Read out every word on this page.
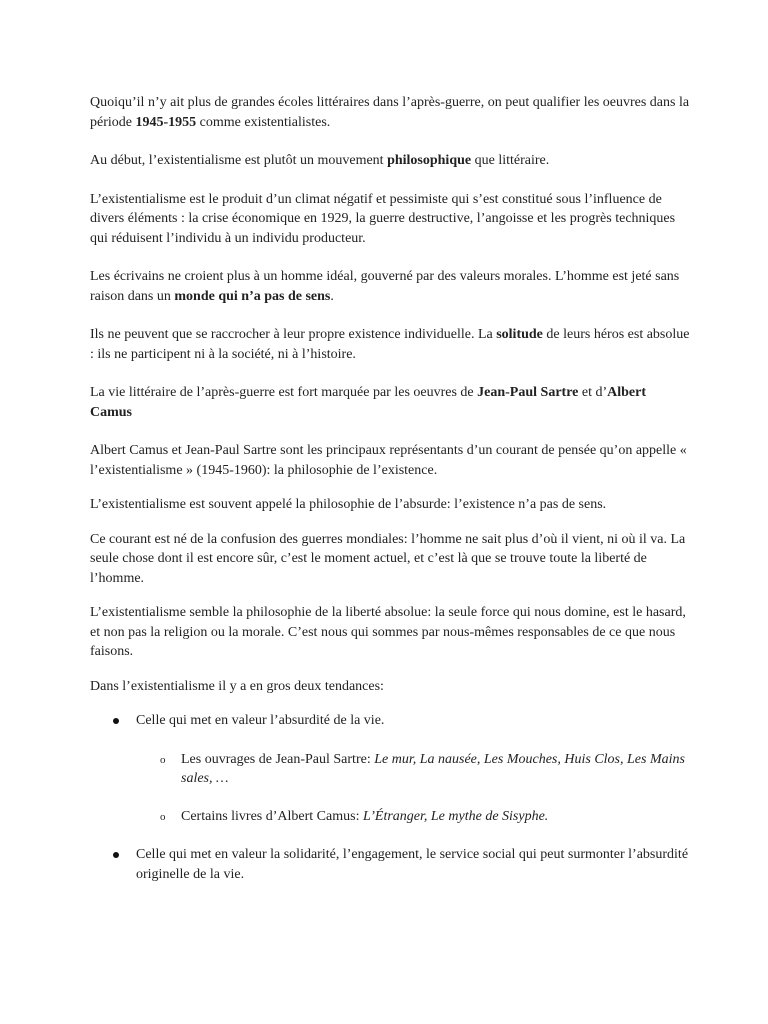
Quoiqu’il n’y ait plus de grandes écoles littéraires dans l’après-guerre, on peut qualifier les oeuvres dans la période 1945-1955 comme existentialistes.

Au début, l’existentialisme est plutôt un mouvement philosophique que littéraire.

L’existentialisme est le produit d’un climat négatif et pessimiste qui s’est constitué sous l’influence de divers éléments : la crise économique en 1929, la guerre destructive, l’angoisse et les progrès techniques qui réduisent l’individu à un individu producteur.

Les écrivains ne croient plus à un homme idéal, gouverné par des valeurs morales. L’homme est jeté sans raison dans un monde qui n’a pas de sens.

Ils ne peuvent que se raccrocher à leur propre existence individuelle. La solitude de leurs héros est absolue : ils ne participent ni à la société, ni à l’histoire.

La vie littéraire de l’après-guerre est fort marquée par les oeuvres de Jean-Paul Sartre et d’Albert Camus

Albert Camus et Jean-Paul Sartre sont les principaux représentants d’un courant de pensée qu’on appelle « l’existentialisme » (1945-1960): la philosophie de l’existence.

L’existentialisme est souvent appelé la philosophie de l’absurde: l’existence n’a pas de sens.

Ce courant est né de la confusion des guerres mondiales: l’homme ne sait plus d’où il vient, ni où il va. La seule chose dont il est encore sûr, c’est le moment actuel, et c’est là que se trouve toute la liberté de l’homme.

L’existentialisme semble la philosophie de la liberté absolue: la seule force qui nous domine, est le hasard, et non pas la religion ou la morale. C’est nous qui sommes par nous-mêmes responsables de ce que nous faisons.

Dans l’existentialisme il y a en gros deux tendances:

Celle qui met en valeur l’absurdité de la vie.
o Les ouvrages de Jean-Paul Sartre: Le mur, La nausée, Les Mouches, Huis Clos, Les Mains sales, …
o Certains livres d’Albert Camus: L’Étranger, Le mythe de Sisyphe.
Celle qui met en valeur la solidarité, l’engagement, le service social qui peut surmonter l’absurdité originelle de la vie.
